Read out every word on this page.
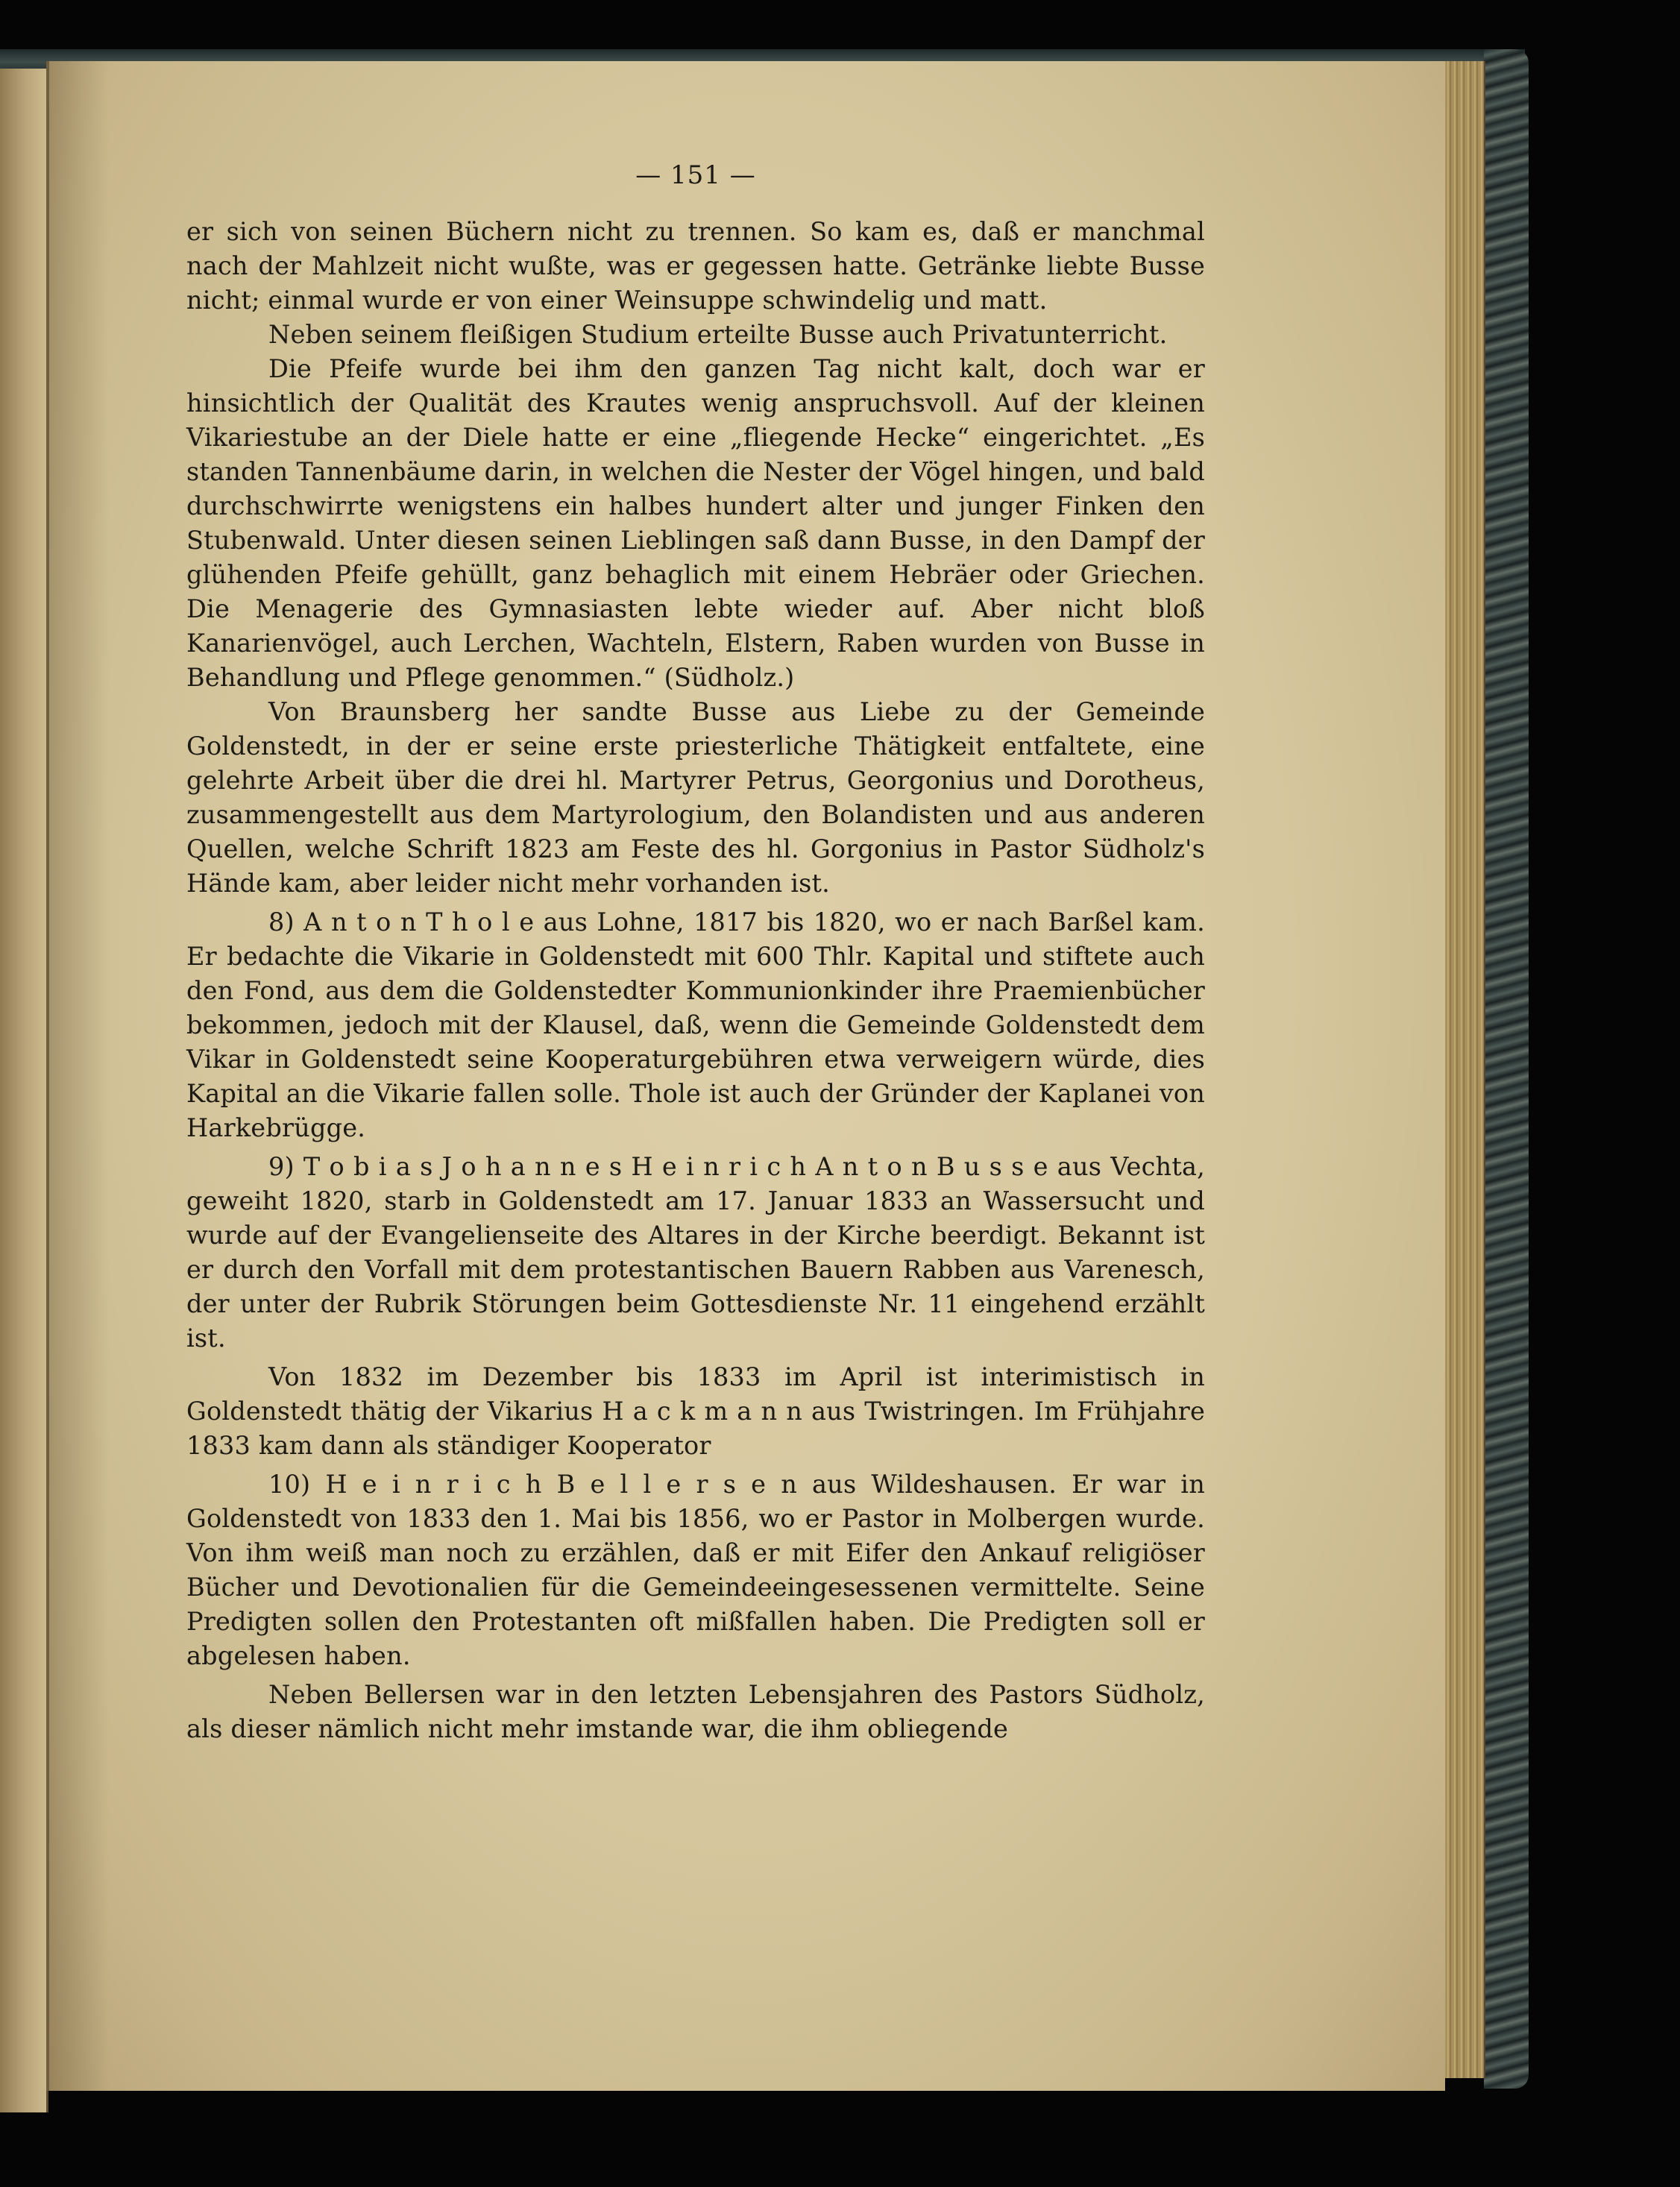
— 151 —

er sich von seinen Büchern nicht zu trennen. So kam es, daß er manchmal nach der Mahlzeit nicht wußte, was er gegessen hatte. Getränke liebte Busse nicht; einmal wurde er von einer Weinsuppe schwindelig und matt.

Neben seinem fleißigen Studium erteilte Busse auch Privatunterricht.

Die Pfeife wurde bei ihm den ganzen Tag nicht kalt, doch war er hinsichtlich der Qualität des Krautes wenig anspruchsvoll. Auf der kleinen Vikariestube an der Diele hatte er eine „fliegende Hecke“ eingerichtet. „Es standen Tannenbäume darin, in welchen die Nester der Vögel hingen, und bald durchschwirrte wenigstens ein halbes hundert alter und junger Finken den Stubenwald. Unter diesen seinen Lieblingen saß dann Busse, in den Dampf der glühenden Pfeife gehüllt, ganz behaglich mit einem Hebräer oder Griechen. Die Menagerie des Gymnasiasten lebte wieder auf. Aber nicht bloß Kanarienvögel, auch Lerchen, Wachteln, Elstern, Raben wurden von Busse in Behandlung und Pflege genommen.“ (Südholz.)

Von Braunsberg her sandte Busse aus Liebe zu der Gemeinde Goldenstedt, in der er seine erste priesterliche Thätigkeit entfaltete, eine gelehrte Arbeit über die drei hl. Martyrer Petrus, Georgonius und Dorotheus, zusammengestellt aus dem Martyrologium, den Bolandisten und aus anderen Quellen, welche Schrift 1823 am Feste des hl. Gorgonius in Pastor Südholz's Hände kam, aber leider nicht mehr vorhanden ist.

8) A n t o n T h o l e aus Lohne, 1817 bis 1820, wo er nach Barßel kam. Er bedachte die Vikarie in Goldenstedt mit 600 Thlr. Kapital und stiftete auch den Fond, aus dem die Goldenstedter Kommunionkinder ihre Praemienbücher bekommen, jedoch mit der Klausel, daß, wenn die Gemeinde Goldenstedt dem Vikar in Goldenstedt seine Kooperaturgebühren etwa verweigern würde, dies Kapital an die Vikarie fallen solle. Thole ist auch der Gründer der Kaplanei von Harkebrügge.

9) T o b i a s J o h a n n e s H e i n r i c h A n t o n B u s s e aus Vechta, geweiht 1820, starb in Goldenstedt am 17. Januar 1833 an Wassersucht und wurde auf der Evangelienseite des Altares in der Kirche beerdigt. Bekannt ist er durch den Vorfall mit dem protestantischen Bauern Rabben aus Varenesch, der unter der Rubrik Störungen beim Gottesdienste Nr. 11 eingehend erzählt ist.

Von 1832 im Dezember bis 1833 im April ist interimistisch in Goldenstedt thätig der Vikarius H a c k m a n n aus Twistringen. Im Frühjahre 1833 kam dann als ständiger Kooperator

10) H e i n r i c h B e l l e r s e n aus Wildeshausen. Er war in Goldenstedt von 1833 den 1. Mai bis 1856, wo er Pastor in Molbergen wurde. Von ihm weiß man noch zu erzählen, daß er mit Eifer den Ankauf religiöser Bücher und Devotionalien für die Gemeindeeingesessenen vermittelte. Seine Predigten sollen den Protestanten oft mißfallen haben. Die Predigten soll er abgelesen haben.

Neben Bellersen war in den letzten Lebensjahren des Pastors Südholz, als dieser nämlich nicht mehr imstande war, die ihm obliegende
